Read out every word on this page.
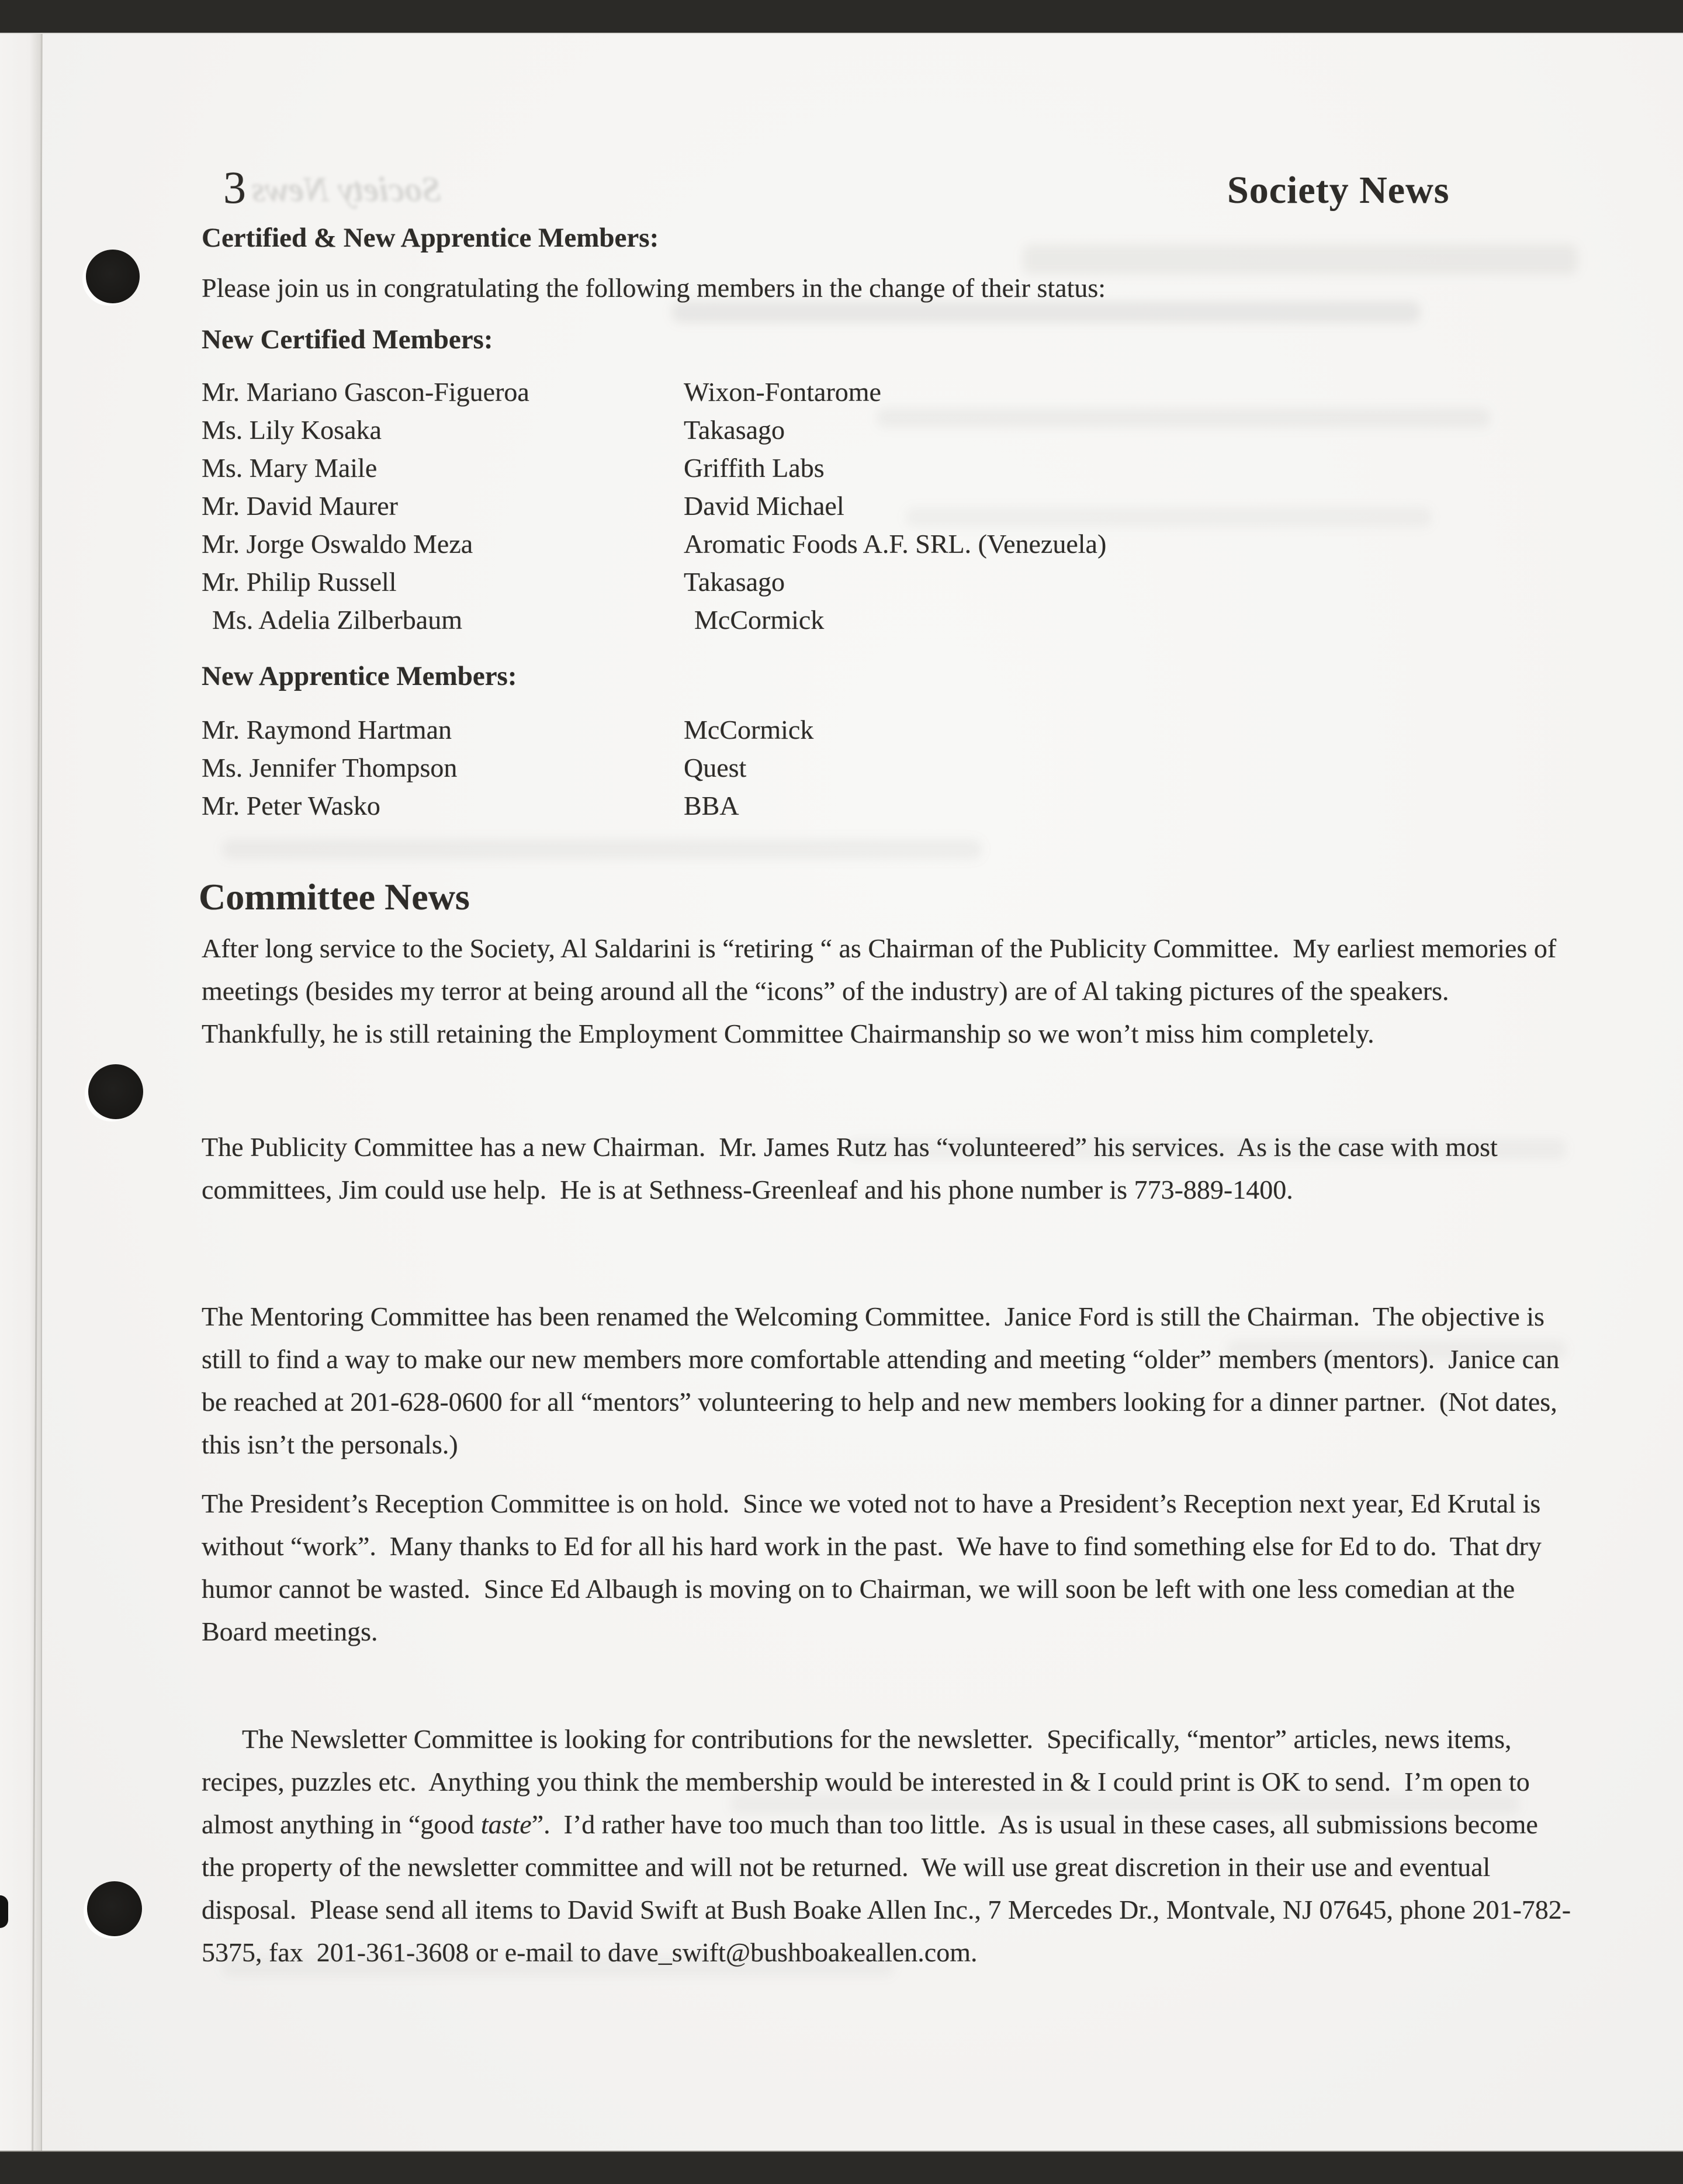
Society News
3	Society News
Certified & New Apprentice Members:
Please join us in congratulating the following members in the change of their status:
New Certified Members:
Mr. Mariano Gascon-Figueroa	Wixon-Fontarome
Ms. Lily Kosaka	Takasago
Ms. Mary Maile	Griffith Labs
Mr. David Maurer	David Michael
Mr. Jorge Oswaldo Meza	Aromatic Foods A.F. SRL. (Venezuela)
Mr. Philip Russell	Takasago
Ms. Adelia Zilberbaum	McCormick
New Apprentice Members:
Mr. Raymond Hartman	McCormick
Ms. Jennifer Thompson	Quest
Mr. Peter Wasko	BBA
Committee News
After long service to the Society, Al Saldarini is “retiring “ as Chairman of the Publicity Committee.  My earliest memories of meetings (besides my terror at being around all the “icons” of the industry) are of Al taking pictures of the speakers.  Thankfully, he is still retaining the Employment Committee Chairmanship so we won’t miss him completely.
The Publicity Committee has a new Chairman.  Mr. James Rutz has “volunteered” his services.  As is the case with most committees, Jim could use help.  He is at Sethness-Greenleaf and his phone number is 773-889-1400.
The Mentoring Committee has been renamed the Welcoming Committee.  Janice Ford is still the Chairman.  The objective is still to find a way to make our new members more comfortable attending and meeting “older” members (mentors).  Janice can be reached at 201-628-0600 for all “mentors” volunteering to help and new members looking for a dinner partner.  (Not dates, this isn’t the personals.)
The President’s Reception Committee is on hold.  Since we voted not to have a President’s Reception next year, Ed Krutal is without “work”.  Many thanks to Ed for all his hard work in the past.  We have to find something else for Ed to do.  That dry humor cannot be wasted.  Since Ed Albaugh is moving on to Chairman, we will soon be left with one less comedian at the Board meetings.

The Newsletter Committee is looking for contributions for the newsletter.  Specifically, “mentor” articles, news items, recipes, puzzles etc.  Anything you think the membership would be interested in & I could print is OK to send.  I’m open to almost anything in “good taste”.  I’d rather have too much than too little.  As is usual in these cases, all submissions become the property of the newsletter committee and will not be returned.  We will use great discretion in their use and eventual disposal.  Please send all items to David Swift at Bush Boake Allen Inc., 7 Mercedes Dr., Montvale, NJ 07645, phone 201-782-5375, fax  201-361-3608 or e-mail to dave_swift@bushboakeallen.com.
